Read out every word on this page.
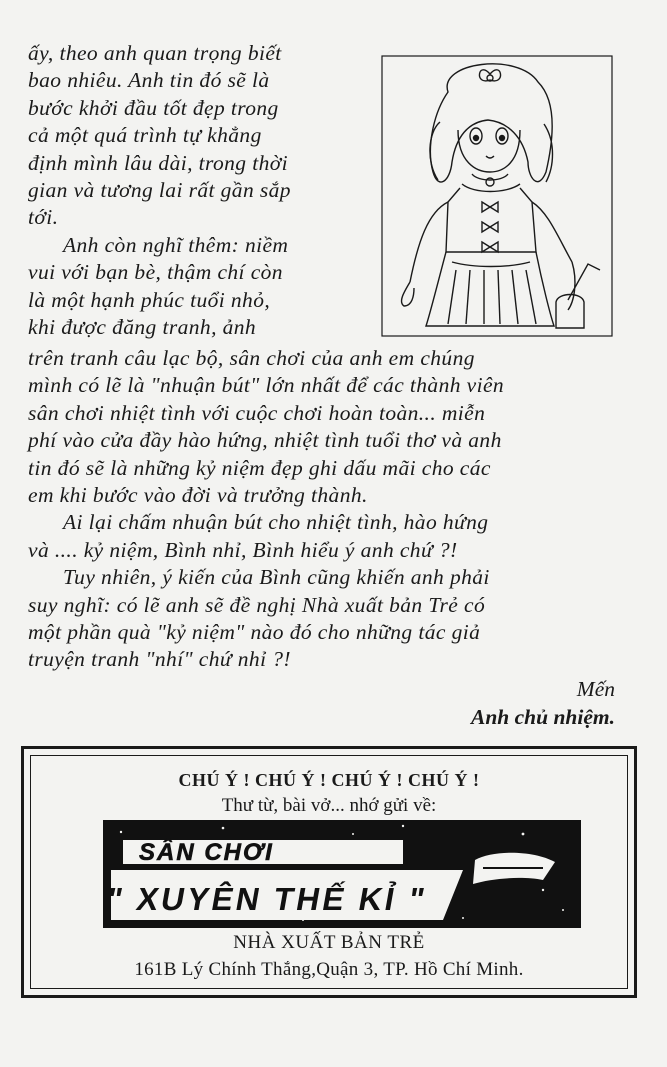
ấy, theo anh quan trọng biết
bao nhiêu. Anh tin đó sẽ là
bước khởi đầu tốt đẹp trong
cả một quá trình tự khẳng
định mình lâu dài, trong thời
gian và tương lai rất gần sắp
tới.
Anh còn nghĩ thêm: niềm
vui với bạn bè, thậm chí còn
là một hạnh phúc tuổi nhỏ,
khi được đăng tranh, ảnh
trên tranh câu lạc bộ, sân chơi của anh em chúng
mình có lẽ là "nhuận bút" lớn nhất để các thành viên
sân chơi nhiệt tình với cuộc chơi hoàn toàn... miễn
phí vào cửa đầy hào hứng, nhiệt tình tuổi thơ và anh
tin đó sẽ là những kỷ niệm đẹp ghi dấu mãi cho các
em khi bước vào đời và trưởng thành.
Ai lại chấm nhuận bút cho nhiệt tình, hào hứng
và .... kỷ niệm, Bình nhỉ, Bình hiểu ý anh chứ ?!
Tuy nhiên, ý kiến của Bình cũng khiến anh phải
suy nghĩ: có lẽ anh sẽ đề nghị Nhà xuất bản Trẻ có
một phần quà "kỷ niệm" nào đó cho những tác giả
truyện tranh "nhí" chứ nhỉ ?!
Mến
Anh chủ nhiệm.
CHÚ Ý ! CHÚ Ý ! CHÚ Ý ! CHÚ Ý !
Thư từ, bài vở... nhớ gửi về:
SÂN CHƠI
" XUYÊN THẾ KỈ "
NHÀ XUẤT BẢN TRẺ
161B Lý Chính Thắng,Quận 3, TP. Hồ Chí Minh.
